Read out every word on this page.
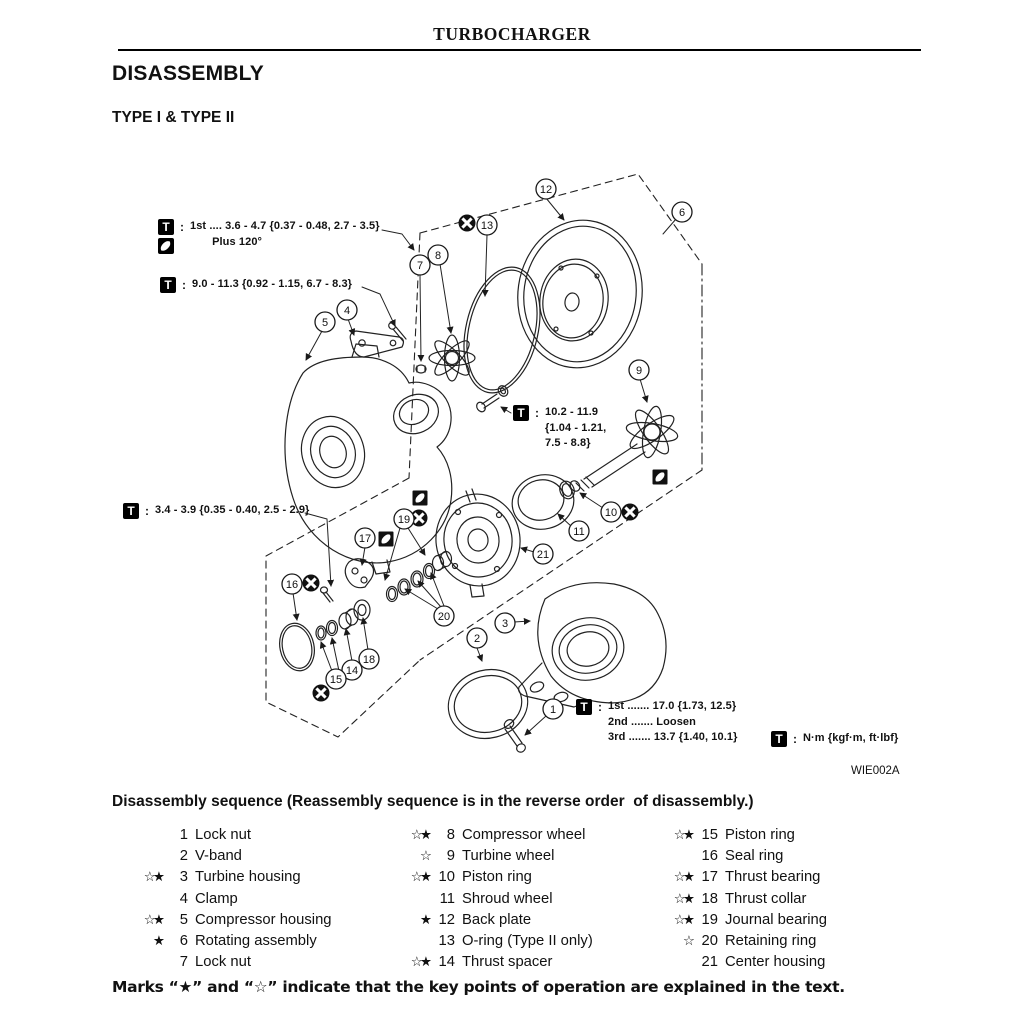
TURBOCHARGER
DISASSEMBLY
TYPE I & TYPE II
1
2
3
4
5
6
7
8
9
10
11
12
13
14
15
16
17
18
19
20
21
T : N·m {kgf·m, ft·lbf}
T : 1st .... 3.6 - 4.7 {0.37 - 0.48, 2.7 - 3.5}
Plus 120°
T : 9.0 - 11.3 {0.92 - 1.15, 6.7 - 8.3}
T : 10.2 - 11.9
{1.04 - 1.21,
7.5 - 8.8}
T : 3.4 - 3.9 {0.35 - 0.40, 2.5 - 2.9}
T : 1st ....... 17.0 {1.73, 12.5}
2nd ....... Loosen
3rd ....... 13.7 {1.40, 10.1}
WIE002A
Disassembly sequence (Reassembly sequence is in the reverse order  of disassembly.)
1 Lock nut
2 V-band
☆★	3 Turbine housing
4 Clamp
☆★	5 Compressor housing
★	6 Rotating assembly
7 Lock nut
☆★	8 Compressor wheel
☆	9 Turbine wheel
☆★ 10 Piston ring
11 Shroud wheel
★ 12 Back plate
13 O-ring (Type II only)
☆★ 14 Thrust spacer
☆★ 15 Piston ring
16 Seal ring
☆★ 17 Thrust bearing
☆★ 18 Thrust collar
☆★ 19 Journal bearing
☆ 20 Retaining ring
21 Center housing
Marks “★” and “☆” indicate that the key points of operation are explained in the text.
